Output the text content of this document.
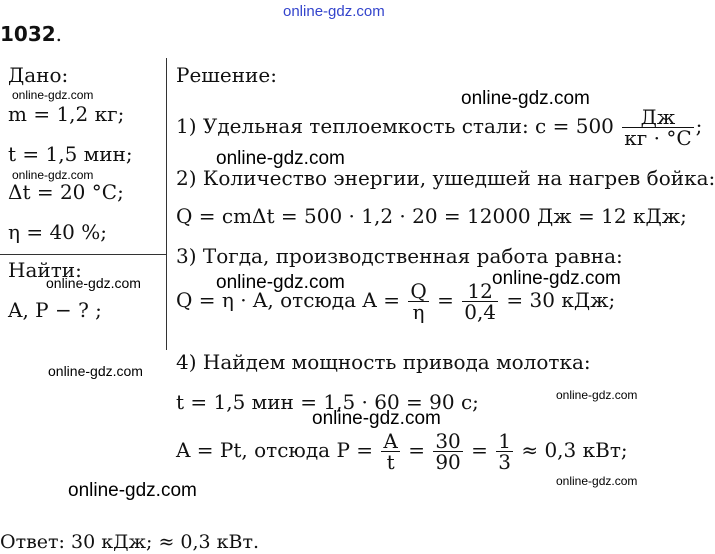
online-gdz.com
1032.
Дано:
online-gdz.com
m = 1,2 кг;
t = 1,5 мин;
online-gdz.com
Δt = 20 °C;
η = 40 %;
Найти:
online-gdz.com
A, P − ? ;
online-gdz.com
Решение:
online-gdz.com
1) Удельная теплоемкость стали: $c = 500 \frac{Дж}{кг \cdot ^\circ C}$ ;
online-gdz.com
2) Количество энергии, ушедшей на нагрев бойка:
Q = cmΔt = 500 · 1,2 · 20 = 12000 Дж = 12 кДж;
3) Тогда, производственная работа равна:
online-gdz.com	online-gdz.com
Q = η · A, отсюда $A = \frac{Q}{\eta} = \frac{12}{0,4} = 30$ кДж;
4) Найдем мощность привода молотка:
online-gdz.com
t = 1,5 мин = 1,5 · 60 = 90 c;
online-gdz.com
A = Pt, отсюда $P = \frac{A}{t} = \frac{30}{90} = \frac{1}{3} \approx 0,3$ кВт;
online-gdz.com
online-gdz.com
Ответ: 30 кДж; ≈ 0,3 кВт.
